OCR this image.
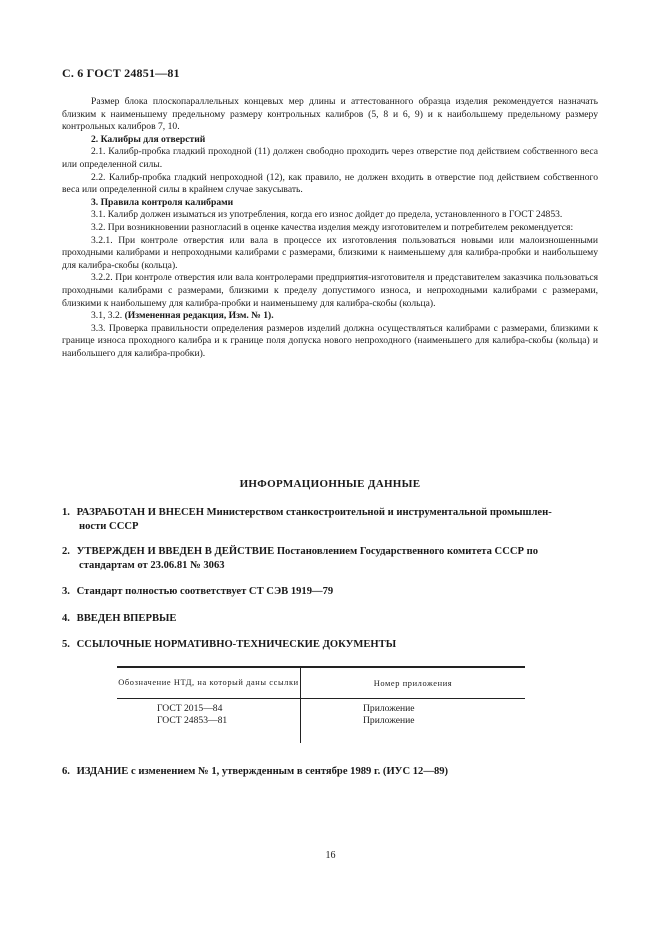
С. 6 ГОСТ 24851—81

Размер блока плоскопараллельных концевых мер длины и аттестованного образца изделия рекомендуется назначать близким к наименьшему предельному размеру контрольных калибров (5, 8 и 6, 9) и к наибольшему предельному размеру контрольных калибров 7, 10.

2. Калибры для отверстий

2.1. Калибр-пробка гладкий проходной (11) должен свободно проходить через отверстие под действием собственного веса или определенной силы.

2.2. Калибр-пробка гладкий непроходной (12), как правило, не должен входить в отверстие под действием собственного веса или определенной силы в крайнем случае закусывать.

3. Правила контроля калибрами

3.1. Калибр должен изыматься из употребления, когда его износ дойдет до предела, установленного в ГОСТ 24853.

3.2. При возникновении разногласий в оценке качества изделия между изготовителем и потребителем рекомендуется:

3.2.1. При контроле отверстия или вала в процессе их изготовления пользоваться новыми или малоизношенными проходными калибрами и непроходными калибрами с размерами, близкими к наименьшему для калибра-пробки и наибольшему для калибра-скобы (кольца).

3.2.2. При контроле отверстия или вала контролерами предприятия-изготовителя и представителем заказчика пользоваться проходными калибрами с размерами, близкими к пределу допустимого износа, и непроходными калибрами с размерами, близкими к наибольшему для калибра-пробки и наименьшему для калибра-скобы (кольца).

3.1, 3.2. (Измененная редакция, Изм. № 1).

3.3. Проверка правильности определения размеров изделий должна осуществляться калибрами с размерами, близкими к границе износа проходного калибра и к границе поля допуска нового непроходного (наименьшего для калибра-скобы (кольца) и наибольшего для калибра-пробки).

ИНФОРМАЦИОННЫЕ ДАННЫЕ
1. РАЗРАБОТАН И ВНЕСЕН Министерством станкостроительной и инструментальной промышлен-
ности СССР
2. УТВЕРЖДЕН И ВВЕДЕН В ДЕЙСТВИЕ Постановлением Государственного комитета СССР по
стандартам от 23.06.81 № 3063
3. Стандарт полностью соответствует СТ СЭВ 1919—79
4. ВВЕДЕН ВПЕРВЫЕ
5. ССЫЛОЧНЫЕ НОРМАТИВНО-ТЕХНИЧЕСКИЕ ДОКУМЕНТЫ
Обозначение НТД, на который даны ссылки	Номер приложения
ГОСТ 2015—84	Приложение
ГОСТ 24853—81	Приложение
6. ИЗДАНИЕ с изменением № 1, утвержденным в сентябре 1989 г. (ИУС 12—89)
16
